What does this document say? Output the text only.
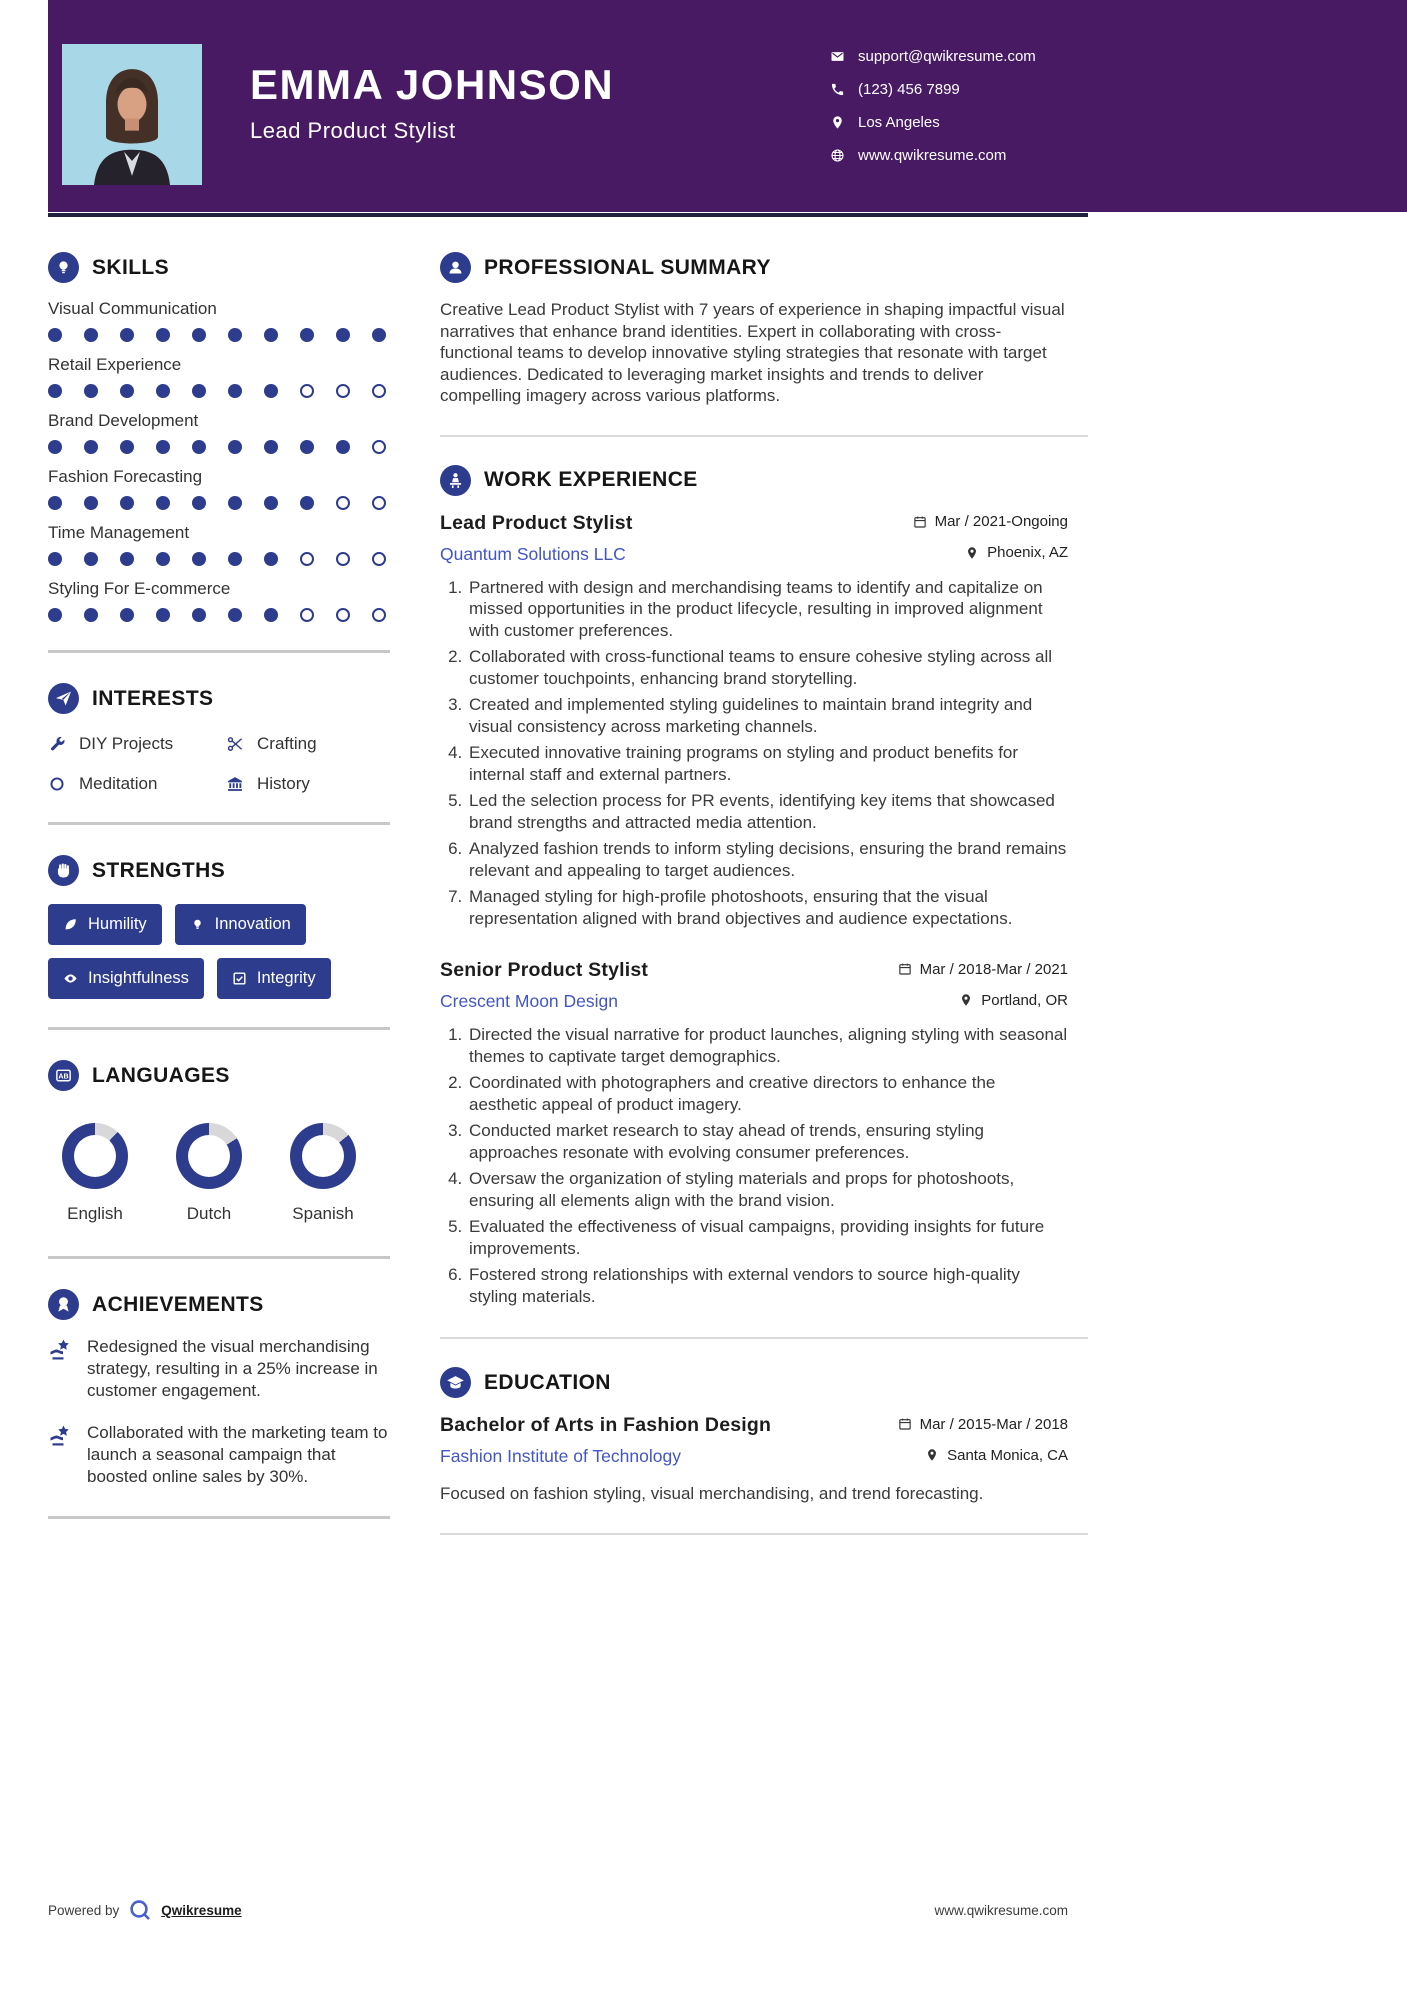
EMMA JOHNSON
Lead Product Stylist
support@qwikresume.com
(123) 456 7899
Los Angeles
www.qwikresume.com
SKILLS
Visual Communication
Retail Experience
Brand Development
Fashion Forecasting
Time Management
Styling For E-commerce
INTERESTS
DIY Projects	Crafting
Meditation	History
STRENGTHS
Humility	Innovation
Insightfulness	Integrity
AB LANGUAGES
English	Dutch	Spanish
ACHIEVEMENTS

Redesigned the visual merchandising strategy, resulting in a 25% increase in customer engagement.

Collaborated with the marketing team to launch a seasonal campaign that boosted online sales by 30%.

PROFESSIONAL SUMMARY

Creative Lead Product Stylist with 7 years of experience in shaping impactful visual narratives that enhance brand identities. Expert in collaborating with cross-functional teams to develop innovative styling strategies that resonate with target audiences. Dedicated to leveraging market insights and trends to deliver compelling imagery across various platforms.

WORK EXPERIENCE
Lead Product Stylist	Mar / 2021-Ongoing
Quantum Solutions LLC	Phoenix, AZ
1. Partnered with design and merchandising teams to identify and capitalize on missed opportunities in the product lifecycle, resulting in improved alignment with customer preferences.
2. Collaborated with cross-functional teams to ensure cohesive styling across all customer touchpoints, enhancing brand storytelling.
3. Created and implemented styling guidelines to maintain brand integrity and visual consistency across marketing channels.
4. Executed innovative training programs on styling and product benefits for internal staff and external partners.
5. Led the selection process for PR events, identifying key items that showcased brand strengths and attracted media attention.
6. Analyzed fashion trends to inform styling decisions, ensuring the brand remains relevant and appealing to target audiences.
7. Managed styling for high-profile photoshoots, ensuring that the visual representation aligned with brand objectives and audience expectations.
Senior Product Stylist	Mar / 2018-Mar / 2021
Crescent Moon Design	Portland, OR
1. Directed the visual narrative for product launches, aligning styling with seasonal themes to captivate target demographics.
2. Coordinated with photographers and creative directors to enhance the aesthetic appeal of product imagery.
3. Conducted market research to stay ahead of trends, ensuring styling approaches resonate with evolving consumer preferences.
4. Oversaw the organization of styling materials and props for photoshoots, ensuring all elements align with the brand vision.
5. Evaluated the effectiveness of visual campaigns, providing insights for future improvements.
6. Fostered strong relationships with external vendors to source high-quality styling materials.
EDUCATION
Bachelor of Arts in Fashion Design	Mar / 2015-Mar / 2018
Fashion Institute of Technology	Santa Monica, CA

Focused on fashion styling, visual merchandising, and trend forecasting.

Powered by	Qwikresume	www.qwikresume.com
